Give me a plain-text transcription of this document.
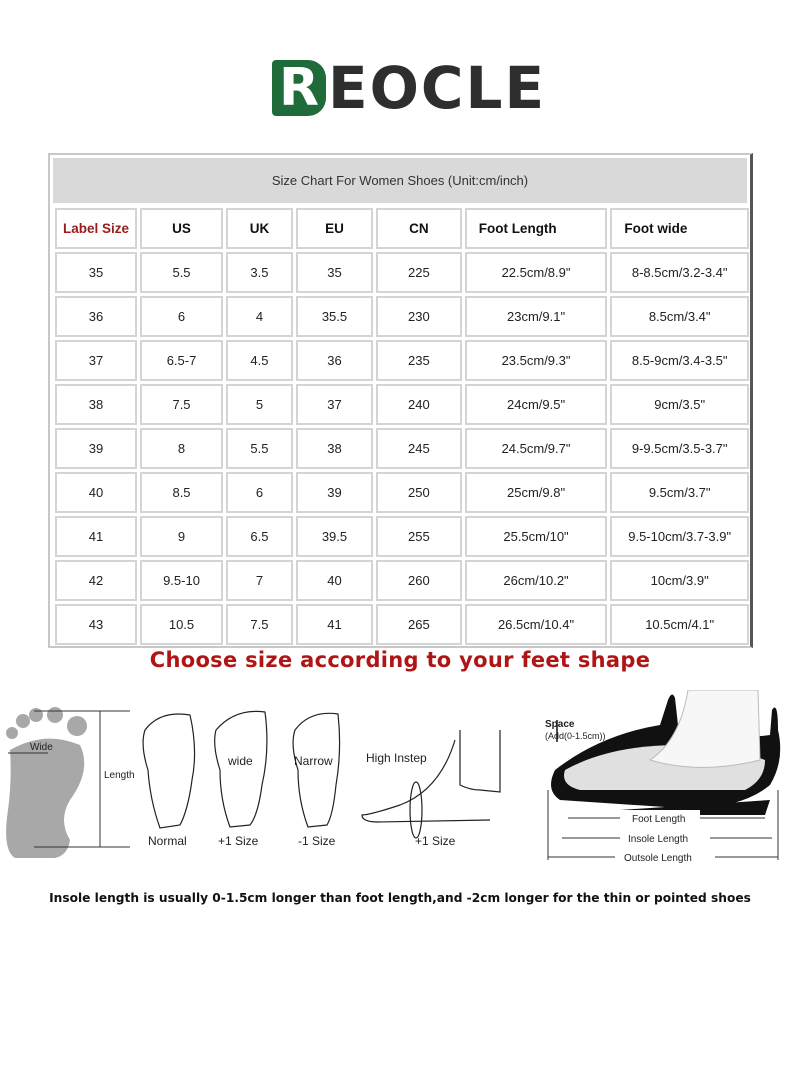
R EOCLE
Size Chart For Women Shoes (Unit:cm/inch)
Label Size	US	UK	EU	CN	Foot Length	Foot wide
35	5.5	3.5	35	225	22.5cm/8.9"	8-8.5cm/3.2-3.4"
36	6	4	35.5	230	23cm/9.1"	8.5cm/3.4"
37	6.5-7	4.5	36	235	23.5cm/9.3"	8.5-9cm/3.4-3.5"
38	7.5	5	37	240	24cm/9.5"	9cm/3.5"
39	8	5.5	38	245	24.5cm/9.7"	9-9.5cm/3.5-3.7"
40	8.5	6	39	250	25cm/9.8"	9.5cm/3.7"
41	9	6.5	39.5	255	25.5cm/10"	9.5-10cm/3.7-3.9"
42	9.5-10	7	40	260	26cm/10.2"	10cm/3.9"
43	10.5	7.5	41	265	26.5cm/10.4"	10.5cm/4.1"
Choose size according to your feet shape
Wide
Length
Normal
wide
+1 Size
Narrow
-1 Size
High Instep
+1 Size
Space
(Add(0-1.5cm))
Foot Length
Insole Length
Outsole Length
Insole length is usually 0-1.5cm longer than foot length,and -2cm longer for the thin or pointed shoes
